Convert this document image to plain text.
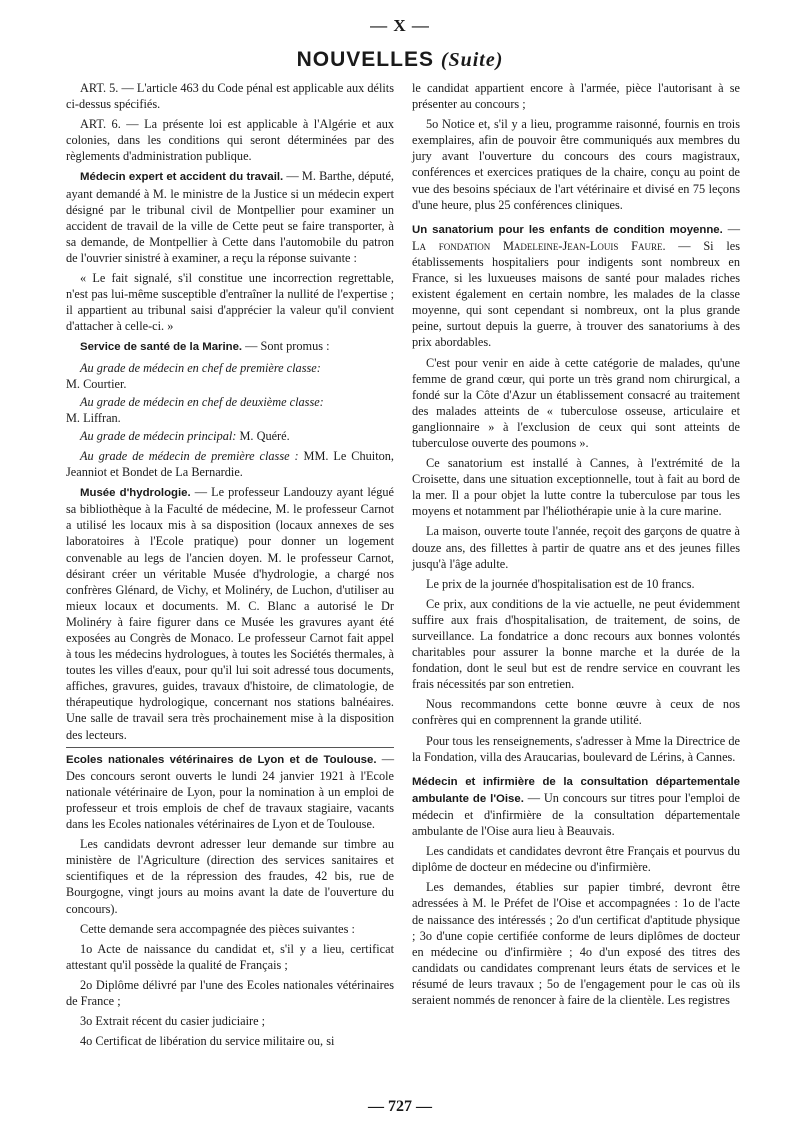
— X —
NOUVELLES (Suite)

ART. 5. — L'article 463 du Code pénal est applicable aux délits ci-dessus spécifiés.

ART. 6. — La présente loi est applicable à l'Algérie et aux colonies, dans les conditions qui seront déterminées par des règlements d'administration publique.

Médecin expert et accident du travail. — M. Barthe, député, ayant demandé à M. le ministre de la Justice si un médecin expert désigné par le tribunal civil de Montpellier pour examiner un accident de travail de la ville de Cette peut se faire transporter, à sa demande, de Montpellier à Cette dans l'automobile du patron de l'ouvrier sinistré à examiner, a reçu la réponse suivante :

« Le fait signalé, s'il constitue une incorrection regrettable, n'est pas lui-même susceptible d'entraîner la nullité de l'expertise ; il appartient au tribunal saisi d'apprécier la valeur qu'il convient d'attacher à celle-ci. »

Service de santé de la Marine. — Sont promus :

Au grade de médecin en chef de première classe:

M. Courtier.

Au grade de médecin en chef de deuxième classe:

M. Liffran.

Au grade de médecin principal: M. Quéré.

Au grade de médecin de première classe : MM. Le Chuiton, Jeanniot et Bondet de La Bernardie.

Musée d'hydrologie. — Le professeur Landouzy ayant légué sa bibliothèque à la Faculté de médecine, M. le professeur Carnot a utilisé les locaux mis à sa disposition (locaux annexes de ses laboratoires à l'Ecole pratique) pour donner un logement convenable au legs de l'ancien doyen. M. le professeur Carnot, désirant créer un véritable Musée d'hydrologie, a chargé nos confrères Glénard, de Vichy, et Molinéry, de Luchon, d'utiliser au mieux locaux et documents. M. C. Blanc a autorisé le Dr Molinéry à faire figurer dans ce Musée les gravures ayant été exposées au Congrès de Monaco. Le professeur Carnot fait appel à tous les médecins hydrologues, à toutes les Sociétés thermales, à toutes les villes d'eaux, pour qu'il lui soit adressé tous documents, affiches, gravures, guides, travaux d'histoire, de climatologie, de thérapeutique hydrologique, concernant nos stations balnéaires. Une salle de travail sera très prochainement mise à la disposition des lecteurs.

Ecoles nationales vétérinaires de Lyon et de Toulouse. — Des concours seront ouverts le lundi 24 janvier 1921 à l'Ecole nationale vétérinaire de Lyon, pour la nomination à un emploi de professeur et trois emplois de chef de travaux stagiaire, vacants dans les Ecoles nationales vétérinaires de Lyon et de Toulouse.

Les candidats devront adresser leur demande sur timbre au ministère de l'Agriculture (direction des services sanitaires et scientifiques et de la répression des fraudes, 42 bis, rue de Bourgogne, vingt jours au moins avant la date de l'ouverture du concours).

Cette demande sera accompagnée des pièces suivantes :

1o Acte de naissance du candidat et, s'il y a lieu, certificat attestant qu'il possède la qualité de Français ;

2o Diplôme délivré par l'une des Ecoles nationales vétérinaires de France ;

3o Extrait récent du casier judiciaire ;

4o Certificat de libération du service militaire ou, si

le candidat appartient encore à l'armée, pièce l'autorisant à se présenter au concours ;

5o Notice et, s'il y a lieu, programme raisonné, fournis en trois exemplaires, afin de pouvoir être communiqués aux membres du jury avant l'ouverture du concours des cours magistraux, conférences et exercices pratiques de la chaire, conçu au point de vue des besoins spéciaux de l'art vétérinaire et divisé en 75 leçons d'une heure, plus 25 conférences cliniques.

Un sanatorium pour les enfants de condition moyenne. — La fondation Madeleine-Jean-Louis Faure. — Si les établissements hospitaliers pour indigents sont nombreux en France, si les luxueuses maisons de santé pour malades riches existent également en certain nombre, les malades de la classe moyenne, qui sont cependant si nombreux, ont la plus grande peine, surtout depuis la guerre, à trouver des sanatoriums à des prix abordables.

C'est pour venir en aide à cette catégorie de malades, qu'une femme de grand cœur, qui porte un très grand nom chirurgical, a fondé sur la Côte d'Azur un établissement consacré au traitement des malades atteints de « tuberculose osseuse, articulaire et ganglionnaire » à l'exclusion de ceux qui sont atteints de tuberculose ouverte des poumons ».

Ce sanatorium est installé à Cannes, à l'extrémité de la Croisette, dans une situation exceptionnelle, tout à fait au bord de la mer. Il a pour objet la lutte contre la tuberculose par tous les moyens et notamment par l'héliothérapie unie à la cure marine.

La maison, ouverte toute l'année, reçoit des garçons de quatre à douze ans, des fillettes à partir de quatre ans et des jeunes filles jusqu'à l'âge adulte.

Le prix de la journée d'hospitalisation est de 10 francs.

Ce prix, aux conditions de la vie actuelle, ne peut évidemment suffire aux frais d'hospitalisation, de traitement, de soins, de surveillance. La fondatrice a donc recours aux bonnes volontés charitables pour assurer la bonne marche et la durée de la fondation, dont le seul but est de rendre service en couvrant les frais nécessités par son entretien.

Nous recommandons cette bonne œuvre à ceux de nos confrères qui en comprennent la grande utilité.

Pour tous les renseignements, s'adresser à Mme la Directrice de la Fondation, villa des Araucarias, boulevard de Lérins, à Cannes.

Médecin et infirmière de la consultation départementale ambulante de l'Oise. — Un concours sur titres pour l'emploi de médecin et d'infirmière de la consultation départementale ambulante de l'Oise aura lieu à Beauvais.

Les candidats et candidates devront être Français et pourvus du diplôme de docteur en médecine ou d'infirmière.

Les demandes, établies sur papier timbré, devront être adressées à M. le Préfet de l'Oise et accompagnées : 1o de l'acte de naissance des intéressés ; 2o d'un certificat d'aptitude physique ; 3o d'une copie certifiée conforme de leurs diplômes de docteur en médecine ou d'infirmière ; 4o d'un exposé des titres des candidats ou candidates comprenant leurs états de services et le résumé de leurs travaux ; 5o de l'engagement pour le cas où ils seraient nommés de renoncer à faire de la clientèle. Les registres

— 727 —
